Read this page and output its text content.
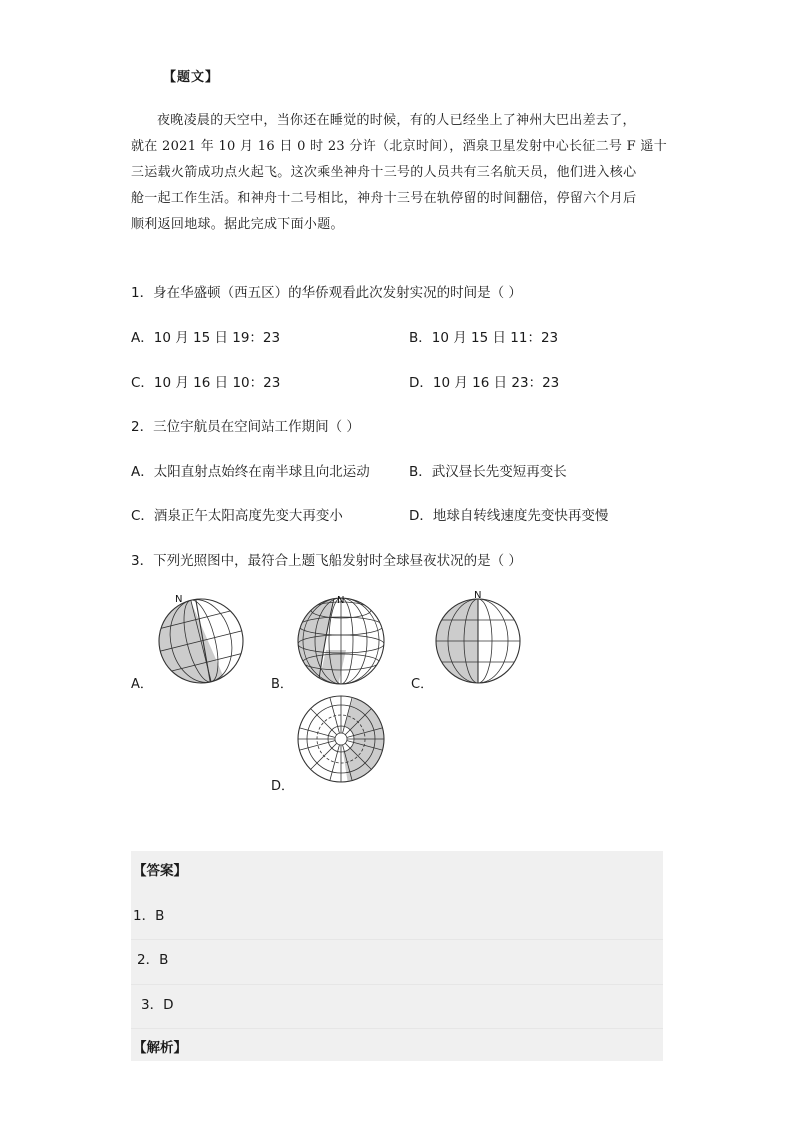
【题文】

夜晚凌晨的天空中，当你还在睡觉的时候，有的人已经坐上了神州大巴出差去了，

就在 2021 年 10 月 16 日 0 时 23 分许（北京时间），酒泉卫星发射中心长征二号 F 遥十

三运载火箭成功点火起飞。这次乘坐神舟十三号的人员共有三名航天员，他们进入核心

舱一起工作生活。和神舟十二号相比，神舟十三号在轨停留的时间翻倍，停留六个月后

顺利返回地球。据此完成下面小题。

1．身在华盛顿（西五区）的华侨观看此次发射实况的时间是（ ）
A．10 月 15 日 19：23	B．10 月 15 日 11：23
C．10 月 16 日 10：23	D．10 月 16 日 23：23
2．三位宇航员在空间站工作期间（ ）
A．太阳直射点始终在南半球且向北运动	B．武汉昼长先变短再变长
C．酒泉正午太阳高度先变大再变小	D．地球自转线速度先变快再变慢
3．下列光照图中，最符合上题飞船发射时全球昼夜状况的是（ ）
A．
N
B．
N
C．
N
D．
【答案】
1．B
2．B
3．D
【解析】
